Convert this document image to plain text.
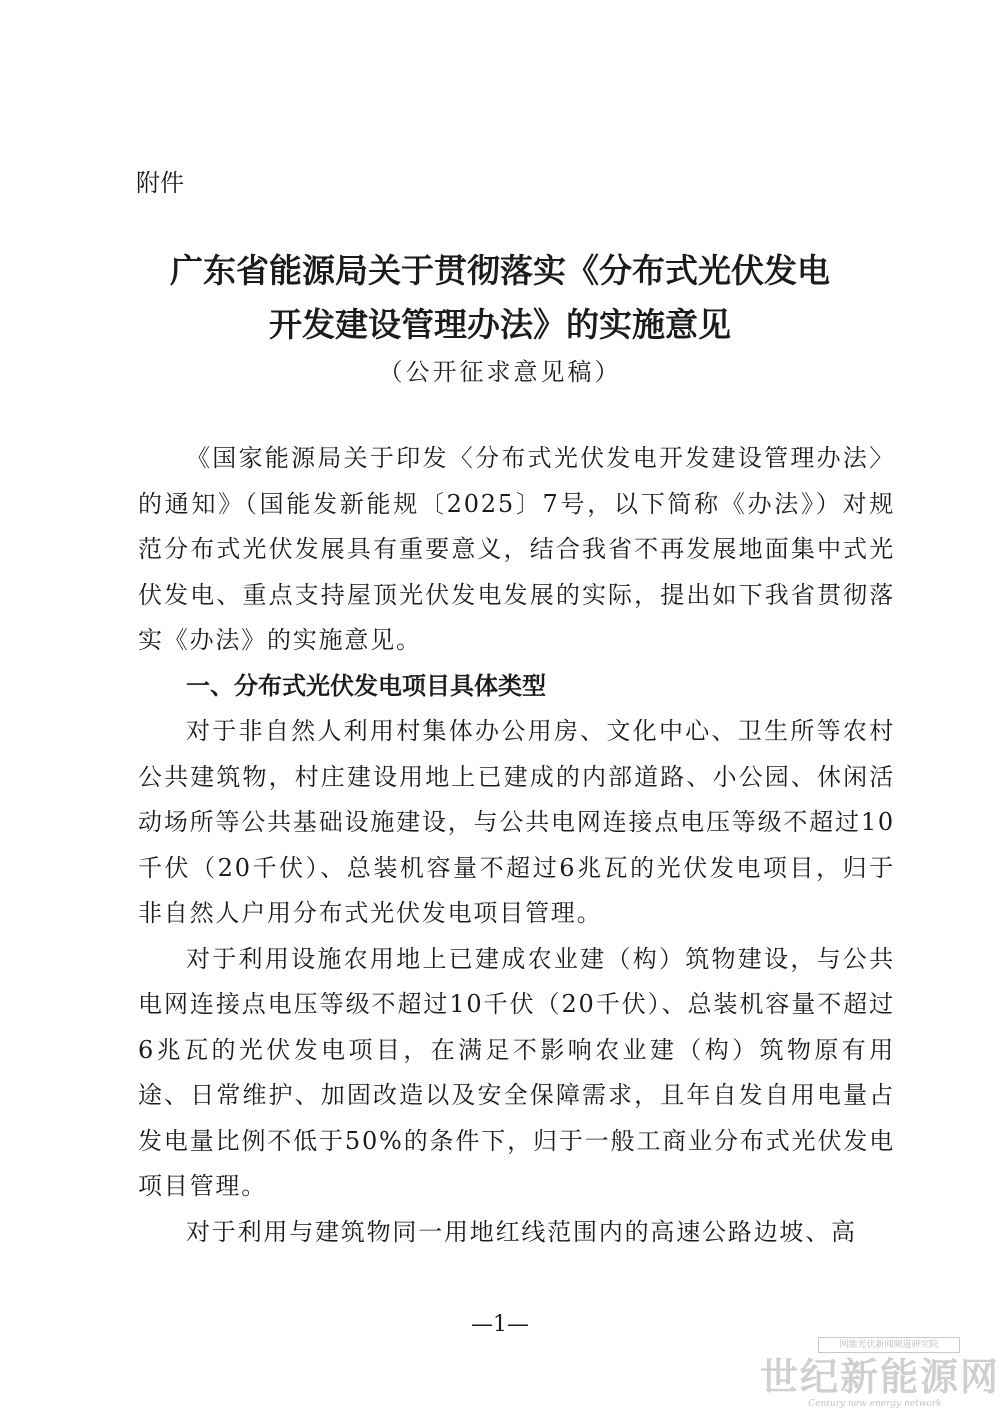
附件
广东省能源局关于贯彻落实《分布式光伏发电
开发建设管理办法》的实施意见
（公开征求意见稿）

《国家能源局关于印发〈分布式光伏发电开发建设管理办法〉的通知》（国能发新能规〔2025〕7号，以下简称《办法》）对规范分布式光伏发展具有重要意义，结合我省不再发展地面集中式光伏发电、重点支持屋顶光伏发电发展的实际，提出如下我省贯彻落实《办法》的实施意见。

一、分布式光伏发电项目具体类型

对于非自然人利用村集体办公用房、文化中心、卫生所等农村公共建筑物，村庄建设用地上已建成的内部道路、小公园、休闲活动场所等公共基础设施建设，与公共电网连接点电压等级不超过10千伏（20千伏）、总装机容量不超过6兆瓦的光伏发电项目，归于非自然人户用分布式光伏发电项目管理。

对于利用设施农用地上已建成农业建（构）筑物建设，与公共电网连接点电压等级不超过10千伏（20千伏）、总装机容量不超过6兆瓦的光伏发电项目，在满足不影响农业建（构）筑物原有用途、日常维护、加固改造以及安全保障需求，且年自发自用电量占发电量比例不低于50%的条件下，归于一般工商业分布式光伏发电项目管理。

对于利用与建筑物同一用地红线范围内的高速公路边坡、高

—1—
网能光伏新闻频道研究院
世纪新能源网
Century new energy network
